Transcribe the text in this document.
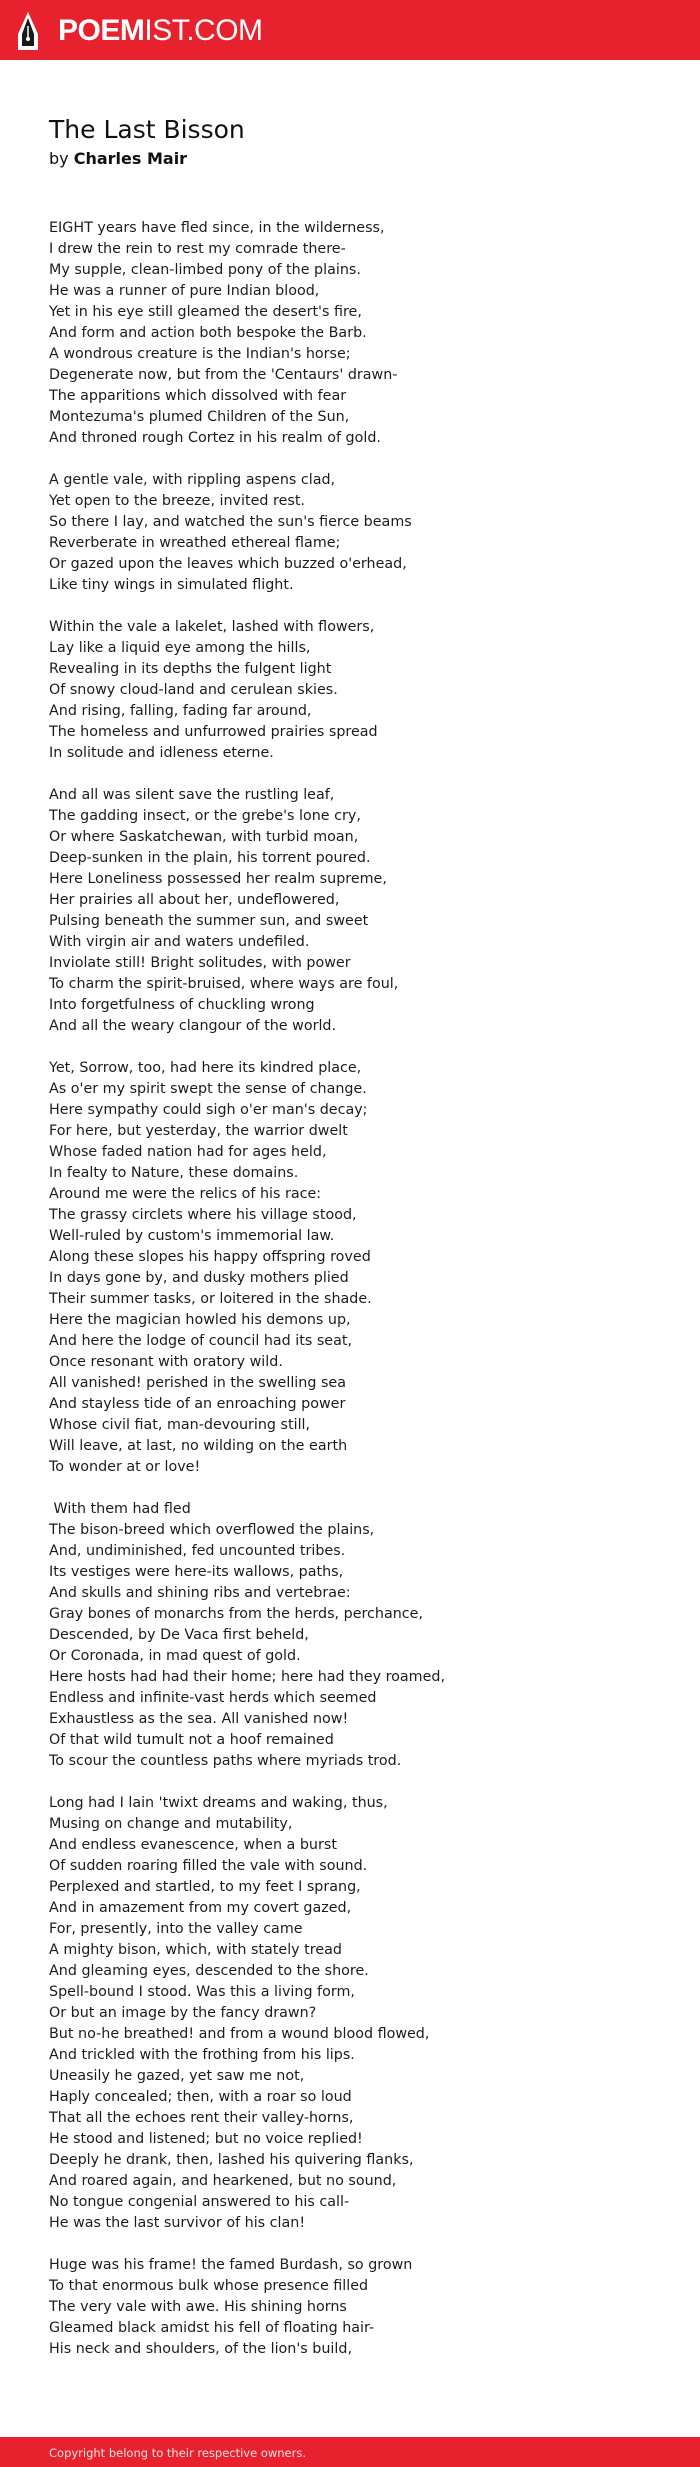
POEMIST.COM
The Last Bisson
by Charles Mair
EIGHT years have fled since, in the wilderness,
I drew the rein to rest my comrade there-
My supple, clean-limbed pony of the plains.
He was a runner of pure Indian blood,
Yet in his eye still gleamed the desert's fire,
And form and action both bespoke the Barb.
A wondrous creature is the Indian's horse;
Degenerate now, but from the 'Centaurs' drawn-
The apparitions which dissolved with fear
Montezuma's plumed Children of the Sun,
And throned rough Cortez in his realm of gold.
A gentle vale, with rippling aspens clad,
Yet open to the breeze, invited rest.
So there I lay, and watched the sun's fierce beams
Reverberate in wreathed ethereal flame;
Or gazed upon the leaves which buzzed o'erhead,
Like tiny wings in simulated flight.
Within the vale a lakelet, lashed with flowers,
Lay like a liquid eye among the hills,
Revealing in its depths the fulgent light
Of snowy cloud-land and cerulean skies.
And rising, falling, fading far around,
The homeless and unfurrowed prairies spread
In solitude and idleness eterne.
And all was silent save the rustling leaf,
The gadding insect, or the grebe's lone cry,
Or where Saskatchewan, with turbid moan,
Deep-sunken in the plain, his torrent poured.
Here Loneliness possessed her realm supreme,
Her prairies all about her, undeflowered,
Pulsing beneath the summer sun, and sweet
With virgin air and waters undefiled.
Inviolate still! Bright solitudes, with power
To charm the spirit-bruised, where ways are foul,
Into forgetfulness of chuckling wrong
And all the weary clangour of the world.
Yet, Sorrow, too, had here its kindred place,
As o'er my spirit swept the sense of change.
Here sympathy could sigh o'er man's decay;
For here, but yesterday, the warrior dwelt
Whose faded nation had for ages held,
In fealty to Nature, these domains.
Around me were the relics of his race:
The grassy circlets where his village stood,
Well-ruled by custom's immemorial law.
Along these slopes his happy offspring roved
In days gone by, and dusky mothers plied
Their summer tasks, or loitered in the shade.
Here the magician howled his demons up,
And here the lodge of council had its seat,
Once resonant with oratory wild.
All vanished! perished in the swelling sea
And stayless tide of an enroaching power
Whose civil fiat, man-devouring still,
Will leave, at last, no wilding on the earth
To wonder at or love!
With them had fled
The bison-breed which overflowed the plains,
And, undiminished, fed uncounted tribes.
Its vestiges were here-its wallows, paths,
And skulls and shining ribs and vertebrae:
Gray bones of monarchs from the herds, perchance,
Descended, by De Vaca first beheld,
Or Coronada, in mad quest of gold.
Here hosts had had their home; here had they roamed,
Endless and infinite-vast herds which seemed
Exhaustless as the sea. All vanished now!
Of that wild tumult not a hoof remained
To scour the countless paths where myriads trod.
Long had I lain 'twixt dreams and waking, thus,
Musing on change and mutability,
And endless evanescence, when a burst
Of sudden roaring filled the vale with sound.
Perplexed and startled, to my feet I sprang,
And in amazement from my covert gazed,
For, presently, into the valley came
A mighty bison, which, with stately tread
And gleaming eyes, descended to the shore.
Spell-bound I stood. Was this a living form,
Or but an image by the fancy drawn?
But no-he breathed! and from a wound blood flowed,
And trickled with the frothing from his lips.
Uneasily he gazed, yet saw me not,
Haply concealed; then, with a roar so loud
That all the echoes rent their valley-horns,
He stood and listened; but no voice replied!
Deeply he drank, then, lashed his quivering flanks,
And roared again, and hearkened, but no sound,
No tongue congenial answered to his call-
He was the last survivor of his clan!
Huge was his frame! the famed Burdash, so grown
To that enormous bulk whose presence filled
The very vale with awe. His shining horns
Gleamed black amidst his fell of floating hair-
His neck and shoulders, of the lion's build,
Copyright belong to their respective owners.
